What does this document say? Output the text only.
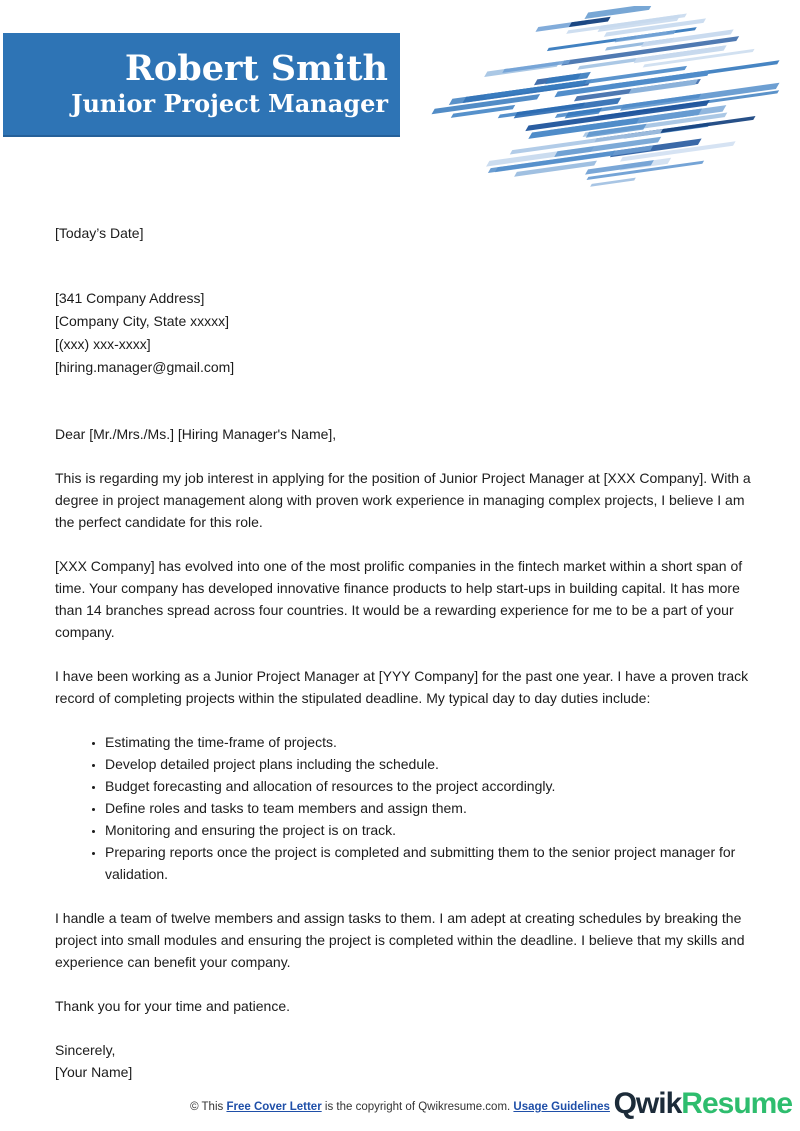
Robert Smith
Junior Project Manager
[Today’s Date]
[341 Company Address]
[Company City, State xxxxx]
[(xxx) xxx-xxxx]
[hiring.manager@gmail.com]
Dear [Mr./Mrs./Ms.] [Hiring Manager's Name],
This is regarding my job interest in applying for the position of Junior Project Manager at [XXX Company]. With a degree in project management along with proven work experience in managing complex projects, I believe I am the perfect candidate for this role.
[XXX Company] has evolved into one of the most prolific companies in the fintech market within a short span of time. Your company has developed innovative finance products to help start-ups in building capital. It has more than 14 branches spread across four countries. It would be a rewarding experience for me to be a part of your company.
I have been working as a Junior Project Manager at [YYY Company] for the past one year. I have a proven track record of completing projects within the stipulated deadline. My typical day to day duties include:
• Estimating the time-frame of projects.
• Develop detailed project plans including the schedule.
• Budget forecasting and allocation of resources to the project accordingly.
• Define roles and tasks to team members and assign them.
• Monitoring and ensuring the project is on track.
• Preparing reports once the project is completed and submitting them to the senior project manager for validation.
I handle a team of twelve members and assign tasks to them. I am adept at creating schedules by breaking the project into small modules and ensuring the project is completed within the deadline. I believe that my skills and experience can benefit your company.
Thank you for your time and patience.
Sincerely,
[Your Name]
© This Free Cover Letter is the copyright of Qwikresume.com. Usage Guidelines QwikResume
